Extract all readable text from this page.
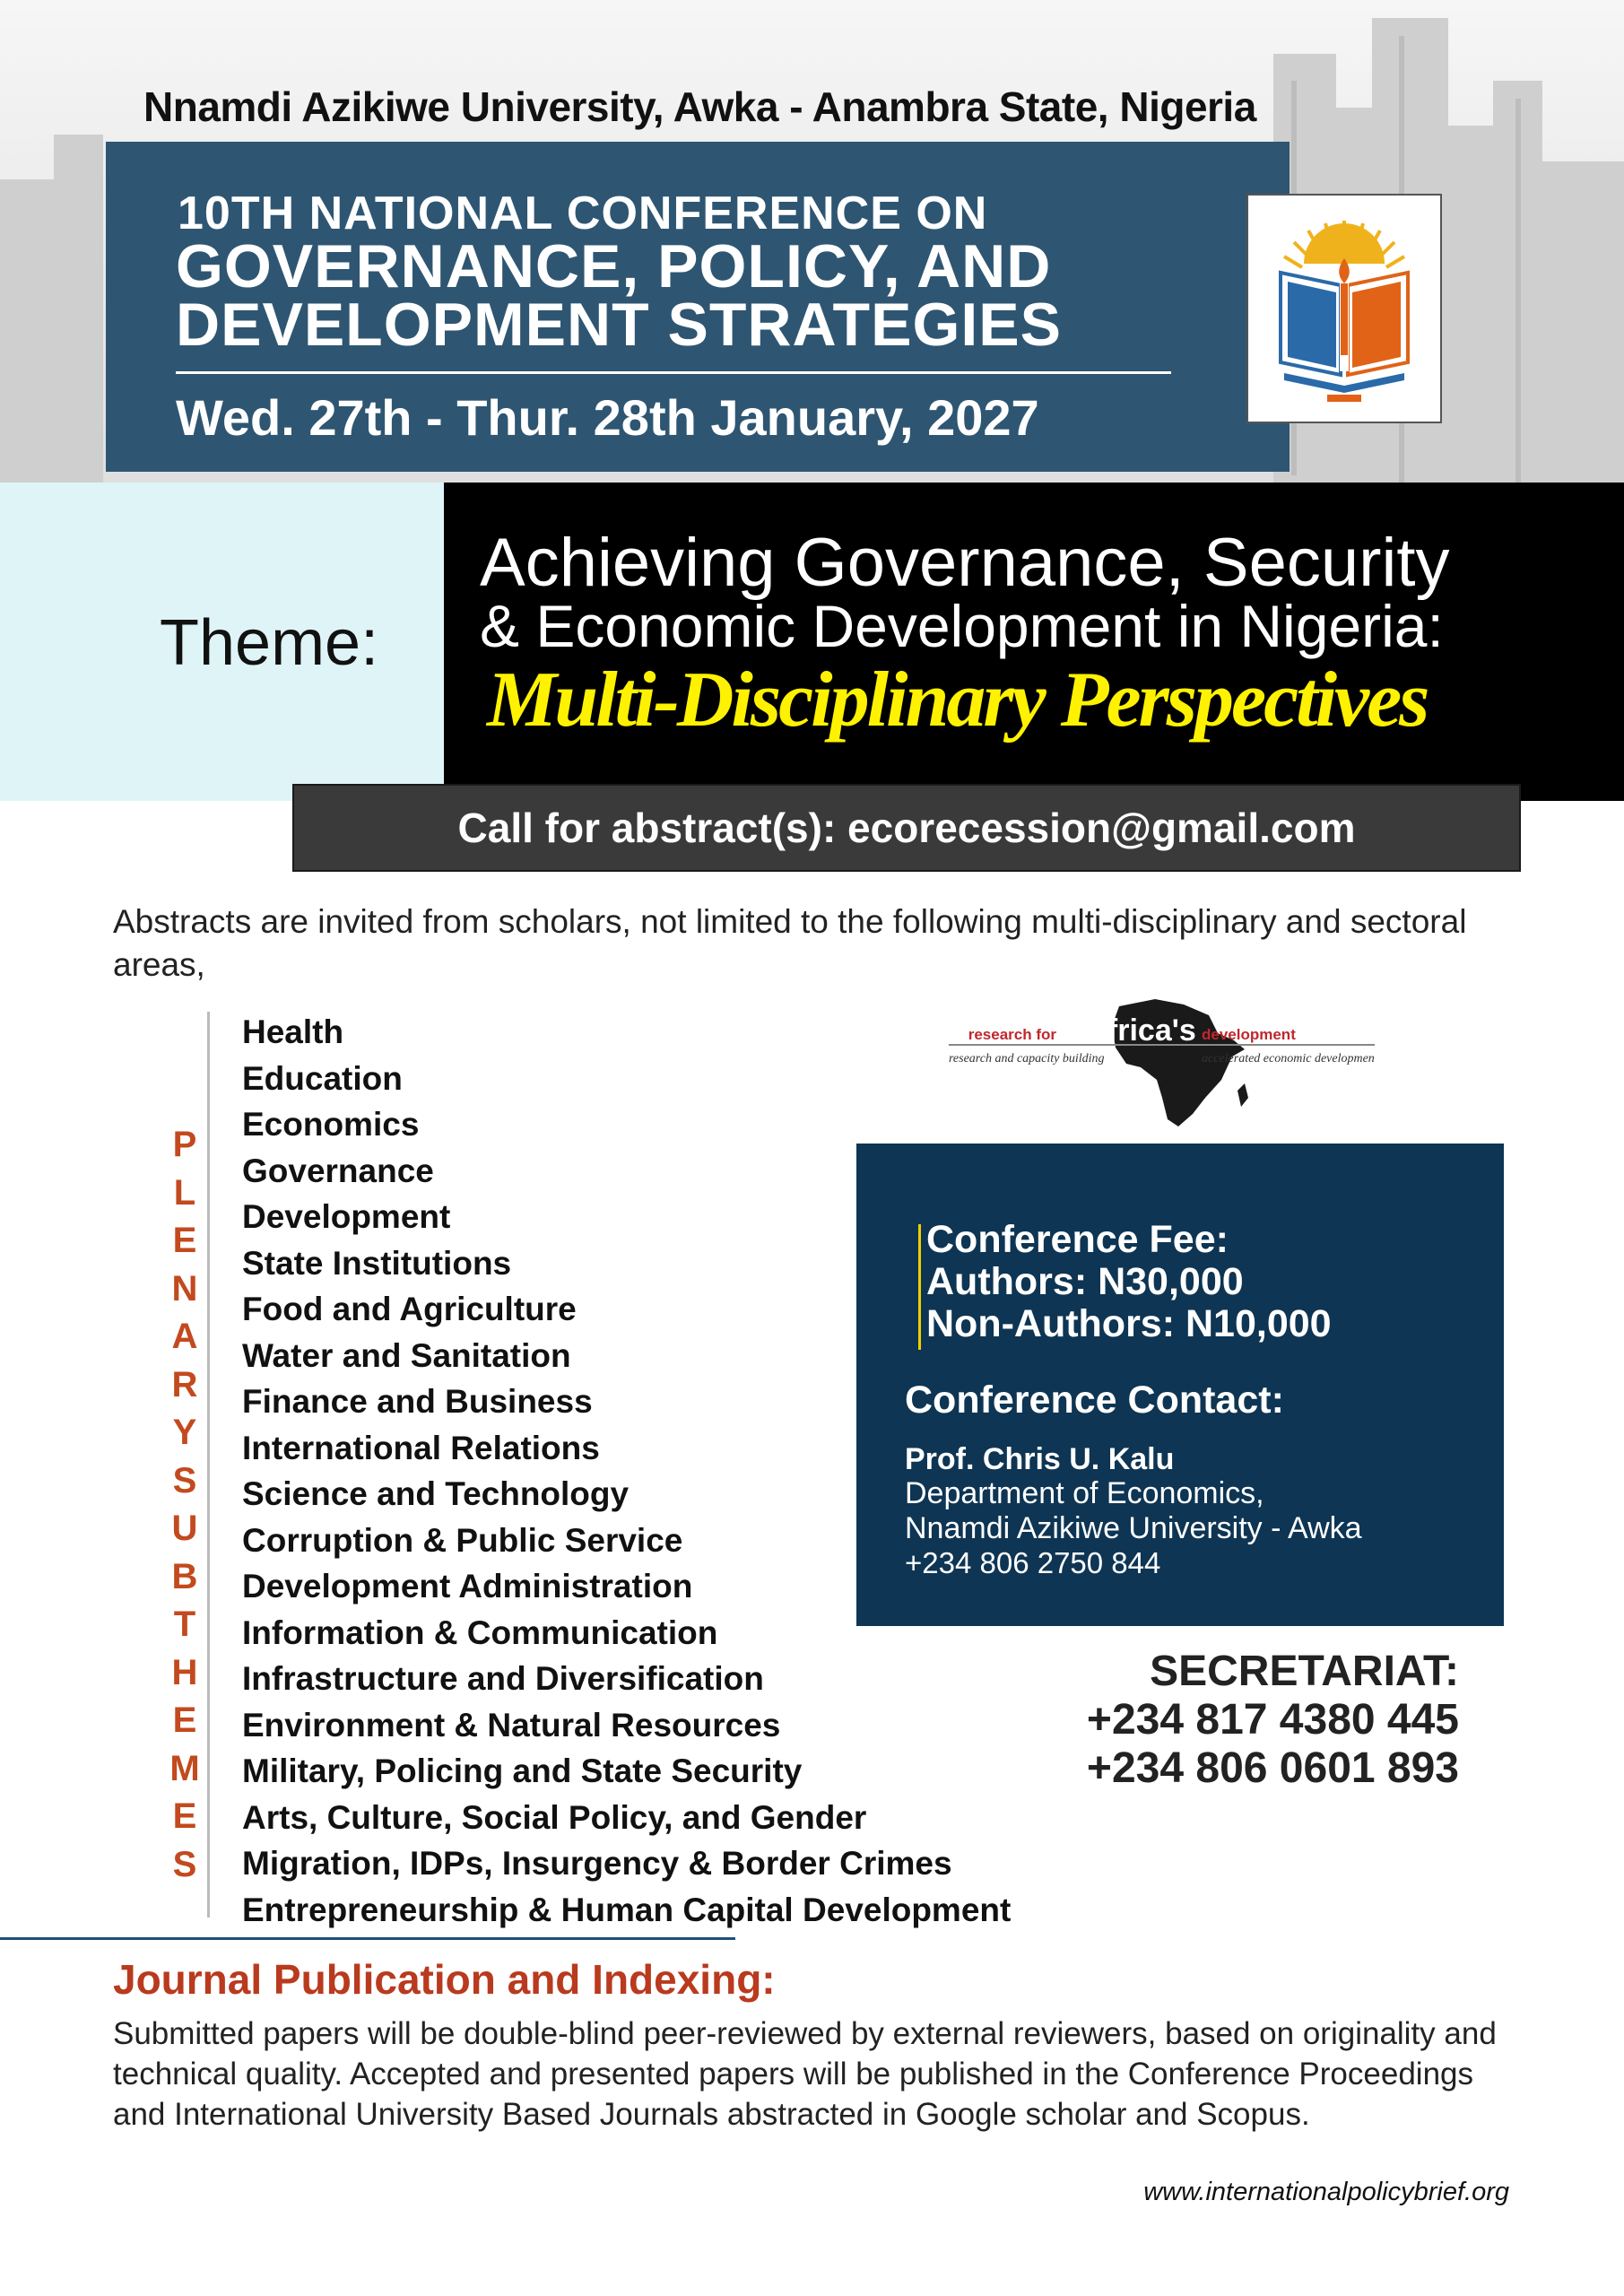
Nnamdi Azikiwe University, Awka - Anambra State, Nigeria
10TH NATIONAL CONFERENCE ON
GOVERNANCE, POLICY, AND
DEVELOPMENT STRATEGIES
Wed. 27th - Thur. 28th January, 2027
Theme:
Achieving Governance, Security
& Economic Development in Nigeria:
Multi-Disciplinary Perspectives
Call for abstract(s): ecorecession@gmail.com
Abstracts are invited from scholars, not limited to the following multi-disciplinary and sectoral areas,
P
L
E
N
A
R
Y
S
U
B
T
H
E
M
E
S
Health
Education
Economics
Governance
Development
State Institutions
Food and Agriculture
Water and Sanitation
Finance and Business
International Relations
Science and Technology
Corruption & Public Service
Development Administration
Information & Communication
Infrastructure and Diversification
Environment & Natural Resources
Military, Policing and State Security
Arts, Culture, Social Policy, and Gender
Migration, IDPs, Insurgency & Border Crimes
Entrepreneurship & Human Capital Development
research for africa's development
research and capacity building	accelerated economic development
Conference Fee:
Authors: N30,000
Non-Authors: N10,000
Conference Contact:
Prof. Chris U. Kalu
Department of Economics,
Nnamdi Azikiwe University - Awka
+234 806 2750 844
SECRETARIAT:
+234 817 4380 445
+234 806 0601 893
Journal Publication and Indexing:
Submitted papers will be double-blind peer-reviewed by external reviewers, based on originality and technical quality. Accepted and presented papers will be published in the Conference Proceedings and International University Based Journals abstracted in Google scholar and Scopus.
www.internationalpolicybrief.org
